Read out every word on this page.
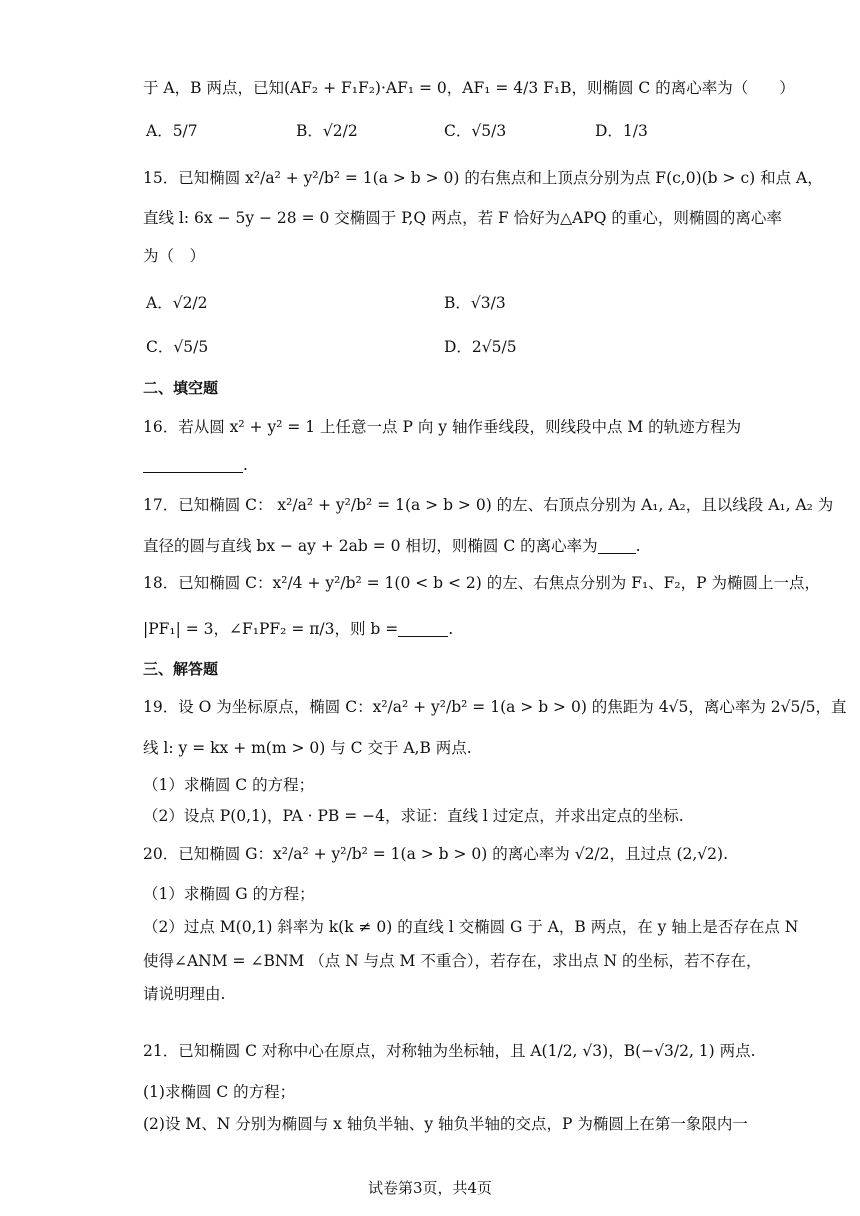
于 A，B 两点，已知(AF₂ + F₁F₂)·AF₁ = 0，AF₁ = 4/3 F₁B，则椭圆 C 的离心率为（　　）
A．5/7	B．√2/2	C．√5/3	D．1/3
15．已知椭圆 x²/a² + y²/b² = 1(a > b > 0) 的右焦点和上顶点分别为点 F(c,0)(b > c) 和点 A，
直线 l: 6x − 5y − 28 = 0 交椭圆于 P,Q 两点，若 F 恰好为△APQ 的重心，则椭圆的离心率
为（　）
A．√2/2	B．√3/3
C．√5/5	D．2√5/5
二、填空题
16．若从圆 x² + y² = 1 上任意一点 P 向 y 轴作垂线段，则线段中点 M 的轨迹方程为
.
17．已知椭圆 C： x²/a² + y²/b² = 1(a > b > 0) 的左、右顶点分别为 A₁, A₂，且以线段 A₁, A₂ 为
直径的圆与直线 bx − ay + 2ab = 0 相切，则椭圆 C 的离心率为 .
18．已知椭圆 C：x²/4 + y²/b² = 1(0 < b < 2) 的左、右焦点分别为 F₁、F₂，P 为椭圆上一点，
|PF₁| = 3，∠F₁PF₂ = π/3，则 b =	.
三、解答题
19．设 O 为坐标原点，椭圆 C：x²/a² + y²/b² = 1(a > b > 0) 的焦距为 4√5，离心率为 2√5/5，直
线 l: y = kx + m(m > 0) 与 C 交于 A,B 两点.
（1）求椭圆 C 的方程；
（2）设点 P(0,1)，PA · PB = −4，求证：直线 l 过定点，并求出定点的坐标.
20．已知椭圆 G：x²/a² + y²/b² = 1(a > b > 0) 的离心率为 √2/2，且过点 (2,√2).
（1）求椭圆 G 的方程；
（2）过点 M(0,1) 斜率为 k(k ≠ 0) 的直线 l 交椭圆 G 于 A，B 两点，在 y 轴上是否存在点 N
使得∠ANM = ∠BNM （点 N 与点 M 不重合），若存在，求出点 N 的坐标，若不存在，
请说明理由.
21．已知椭圆 C 对称中心在原点，对称轴为坐标轴，且 A(1/2, √3)，B(−√3/2, 1) 两点.
(1)求椭圆 C 的方程；
(2)设 M、N 分别为椭圆与 x 轴负半轴、y 轴负半轴的交点，P 为椭圆上在第一象限内一
试卷第3页，共4页
